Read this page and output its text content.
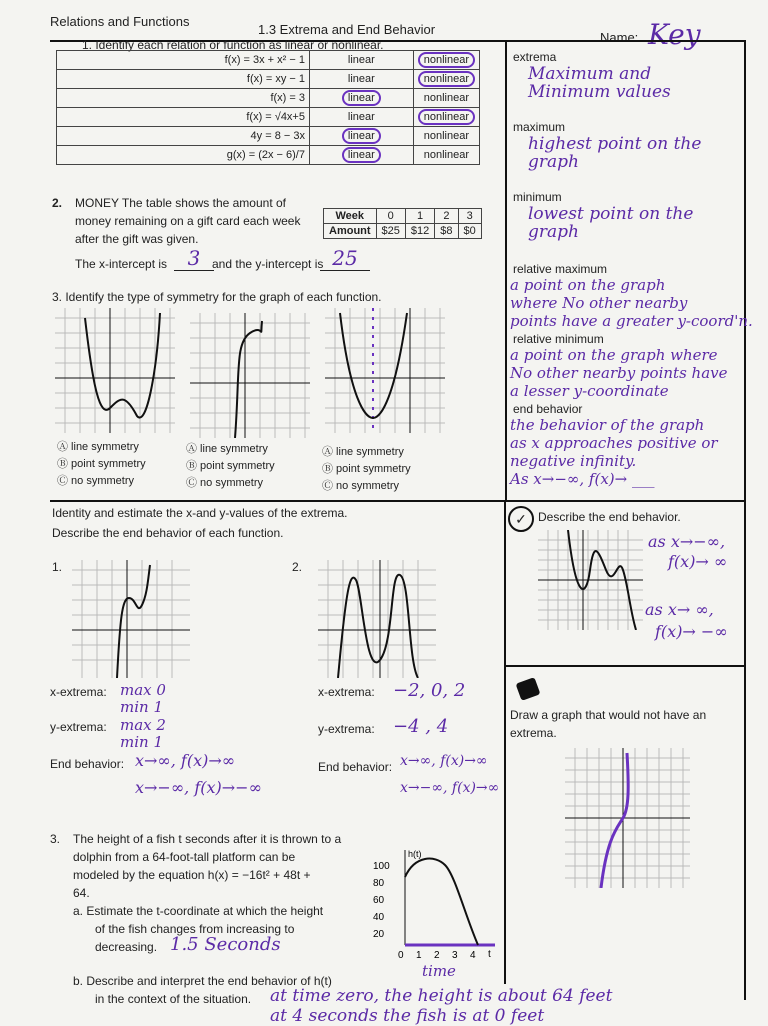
Relations and Functions
1.3 Extrema and End Behavior
Name: Key
1. Identify each relation or function as linear or nonlinear.
f(x) = 3x + x² − 1	linear	nonlinear
f(x) = xy − 1	linear	nonlinear
f(x) = 3	linear	nonlinear
f(x) = √4x+5	linear	nonlinear
4y = 8 − 3x	linear	nonlinear
g(x) = (2x − 6)/7	linear	nonlinear
2. MONEY The table shows the amount of
money remaining on a gift card each week
after the gift was given.
Week	0	1	2	3
Amount	$25	$12	$8	$0
The x-intercept is	3 and the y-intercept is 25
3. Identify the type of symmetry for the graph of each function.
Ⓐ line symmetry
Ⓑ point symmetry
Ⓒ no symmetry
Ⓐ line symmetry
Ⓑ point symmetry
Ⓒ no symmetry
Ⓐ line symmetry
Ⓑ point symmetry
Ⓒ no symmetry
extrema
Maximum and
Minimum values
maximum
highest point on the
graph
minimum
lowest point on the
graph
relative maximum
a point on the graph
where No other nearby
points have a greater y-coord'n.
relative minimum
a point on the graph where
No other nearby points have
a lesser y-coordinate
end behavior
the behavior of the graph
as x approaches positive or
negative infinity.
As x→−∞, f(x)→ ___
Identity and estimate the x-and y-values of the extrema.
Describe the end behavior of each function.
1.	2.
x-extrema: max 0
min 1
y-extrema: max 2
min 1
End behavior: x→∞, f(x)→∞
x→−∞, f(x)→−∞
x-extrema: −2, 0, 2
y-extrema: −4 , 4
End behavior: x→∞, f(x)→∞
x→−∞, f(x)→∞
3. The height of a fish t seconds after it is thrown to a
dolphin from a 64-foot-tall platform can be
modeled by the equation h(x) = −16t² + 48t +
64.
a. Estimate the t-coordinate at which the height
of the fish changes from increasing to
decreasing. 1.5 Seconds
b. Describe and interpret the end behavior of h(t)
in the context of the situation. at time zero, the height is about 64 feet
at 4 seconds the fish is at 0 feet
100
80
60
40
20
0 1 2 3 4
h(t)
t
time
✓ Describe the end behavior.
as x→−∞,
f(x)→ ∞
as x→ ∞,
f(x)→ −∞
Draw a graph that would not have an
extrema.
